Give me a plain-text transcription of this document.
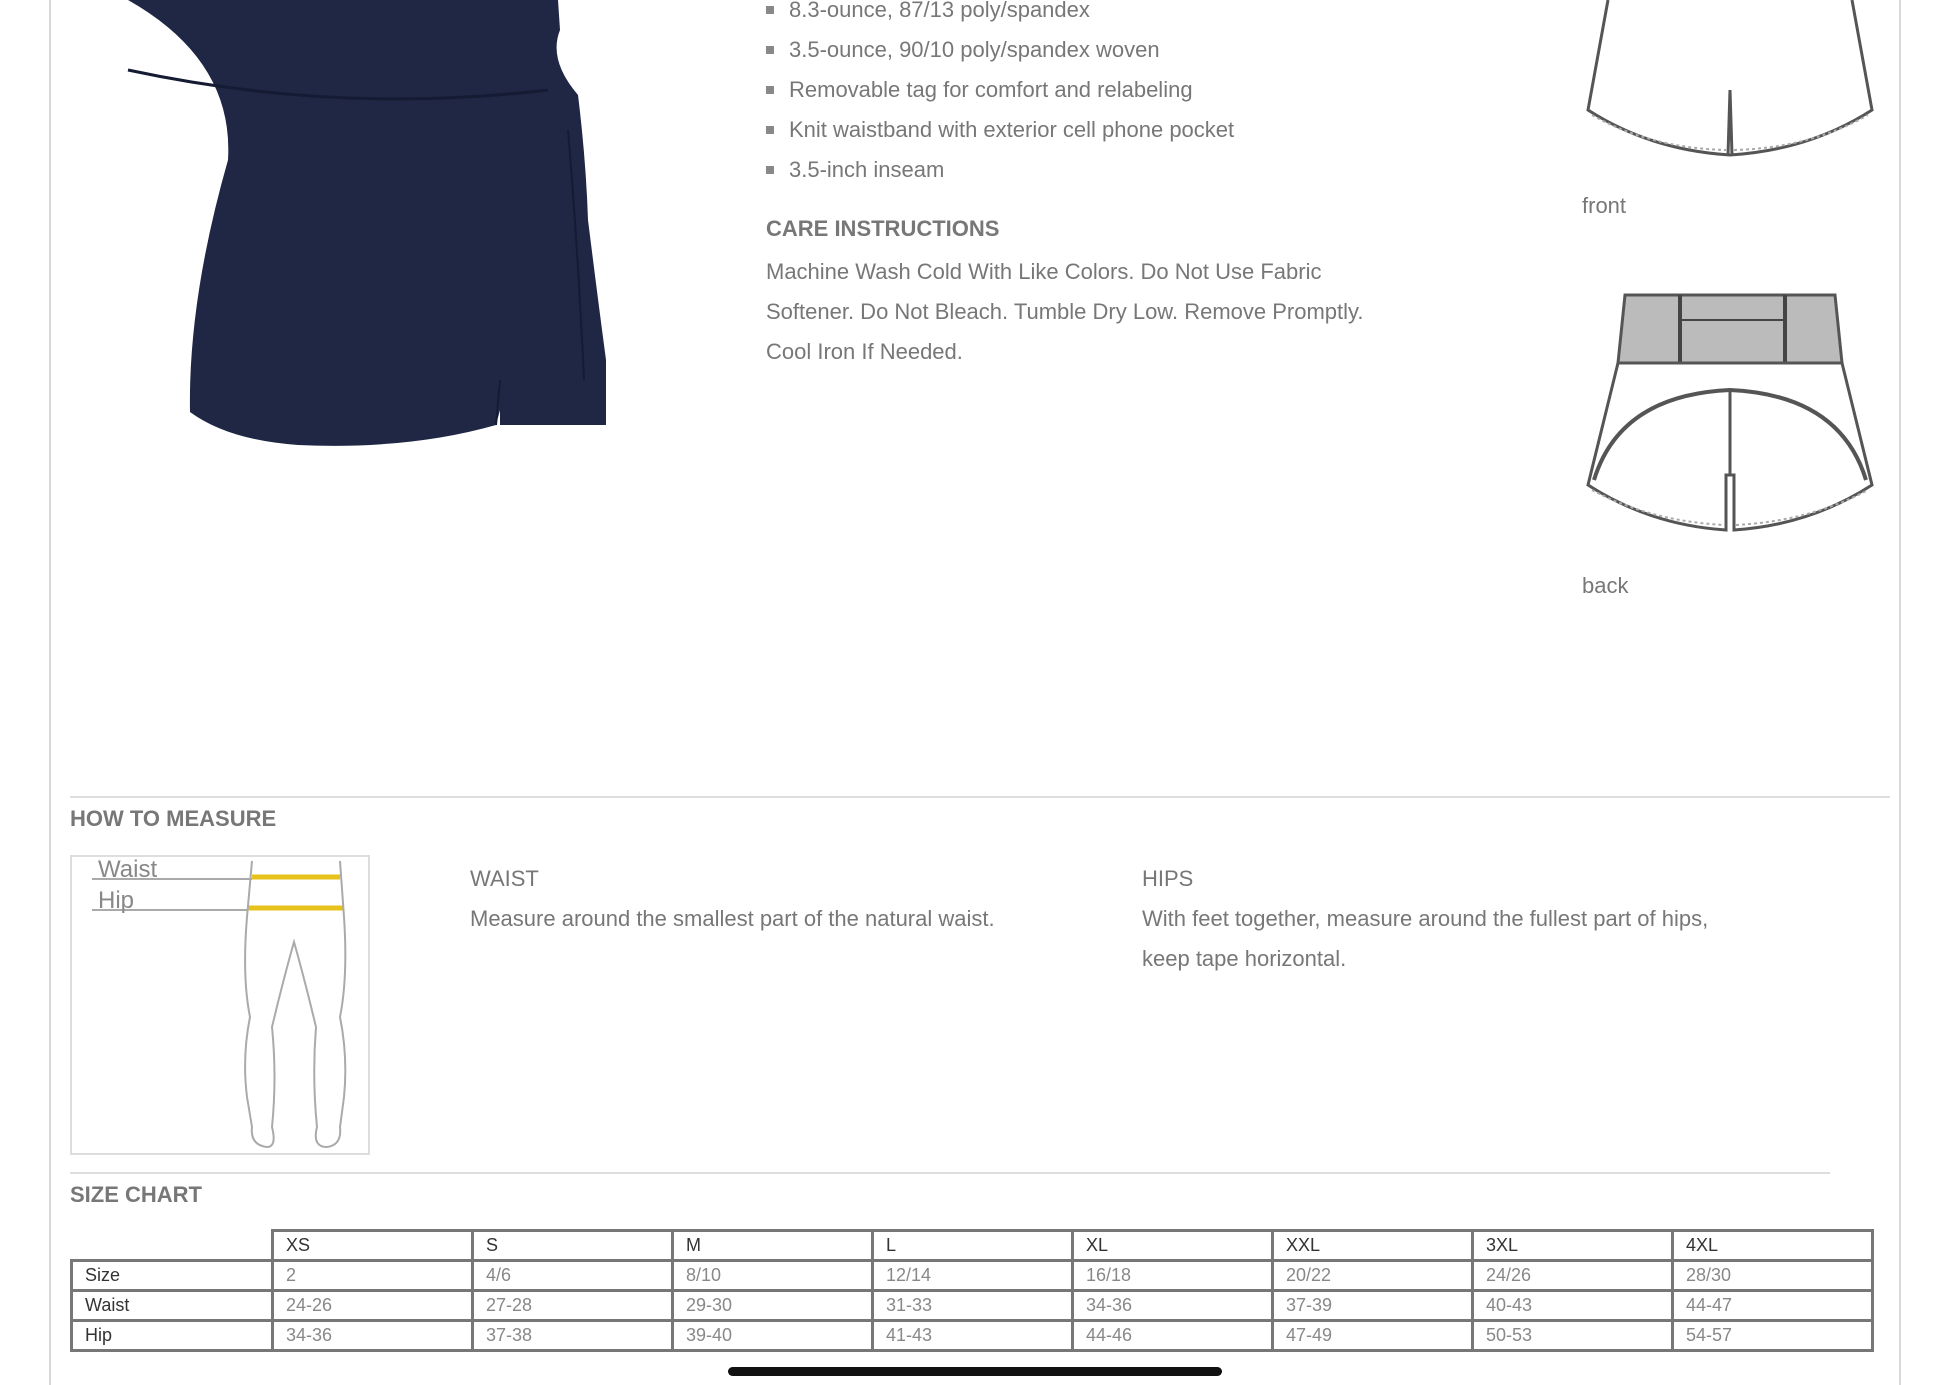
8.3-ounce, 87/13 poly/spandex
3.5-ounce, 90/10 poly/spandex woven
Removable tag for comfort and relabeling
Knit waistband with exterior cell phone pocket
3.5-inch inseam
CARE INSTRUCTIONS
Machine Wash Cold With Like Colors. Do Not Use Fabric
Softener. Do Not Bleach. Tumble Dry Low. Remove Promptly.
Cool Iron If Needed.
front
back
HOW TO MEASURE
Waist
Hip
WAIST
Measure around the smallest part of the natural waist.
HIPS
With feet together, measure around the fullest part of hips,
keep tape horizontal.
SIZE CHART
	XS	S	M	L	XL	XXL	3XL	4XL
Size	2	4/6	8/10	12/14	16/18	20/22	24/26	28/30
Waist	24-26	27-28	29-30	31-33	34-36	37-39	40-43	44-47
Hip	34-36	37-38	39-40	41-43	44-46	47-49	50-53	54-57
